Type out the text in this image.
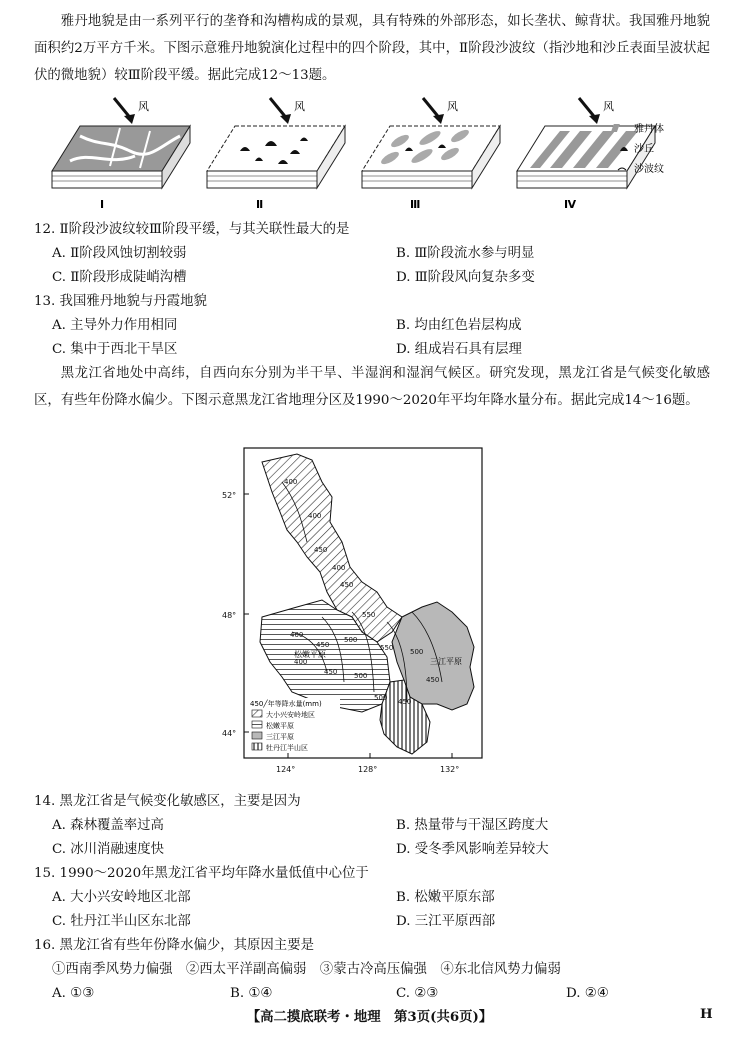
雅丹地貌是由一系列平行的垄脊和沟槽构成的景观，具有特殊的外部形态，如长垄状、鲸背状。我国雅丹地貌面积约2万平方千米。下图示意雅丹地貌演化过程中的四个阶段，其中，Ⅱ阶段沙波纹（指沙地和沙丘表面呈波状起伏的微地貌）较Ⅲ阶段平缓。据此完成12～13题。
风	风	风	风
Ⅰ	Ⅱ	Ⅲ	Ⅳ
雅丹体
沙丘
沙波纹
12. Ⅱ阶段沙波纹较Ⅲ阶段平缓，与其关联性最大的是
A. Ⅱ阶段风蚀切割较弱	B. Ⅲ阶段流水参与明显
C. Ⅱ阶段形成陡峭沟槽	D. Ⅲ阶段风向复杂多变
13. 我国雅丹地貌与丹霞地貌
A. 主导外力作用相同	B. 均由红色岩层构成
C. 集中于西北干旱区	D. 组成岩石具有层理
黑龙江省地处中高纬，自西向东分别为半干旱、半湿润和湿润气候区。研究发现，黑龙江省是气候变化敏感区，有些年份降水偏少。下图示意黑龙江省地理分区及1990～2020年平均年降水量分布。据此完成14～16题。
400
400
450
400
450
550
400
450
500
550 500
450
400
450 500
500 450
松嫩平原
三江平原
450╱年等降水量(mm)
大小兴安岭地区
松嫩平原
三江平原
牡丹江半山区
52°
48°
44°
124°	128°	132°
14. 黑龙江省是气候变化敏感区，主要是因为
A. 森林覆盖率过高	B. 热量带与干湿区跨度大
C. 冰川消融速度快	D. 受冬季风影响差异较大
15. 1990～2020年黑龙江省平均年降水量低值中心位于
A. 大小兴安岭地区北部	B. 松嫩平原东部
C. 牡丹江半山区东北部	D. 三江平原西部
16. 黑龙江省有些年份降水偏少，其原因主要是
①西南季风势力偏强　②西太平洋副高偏弱　③蒙古冷高压偏强　④东北信风势力偏弱
A. ①③	B. ①④	C. ②③	D. ②④
【高二摸底联考・地理　第3页(共6页)】	H
